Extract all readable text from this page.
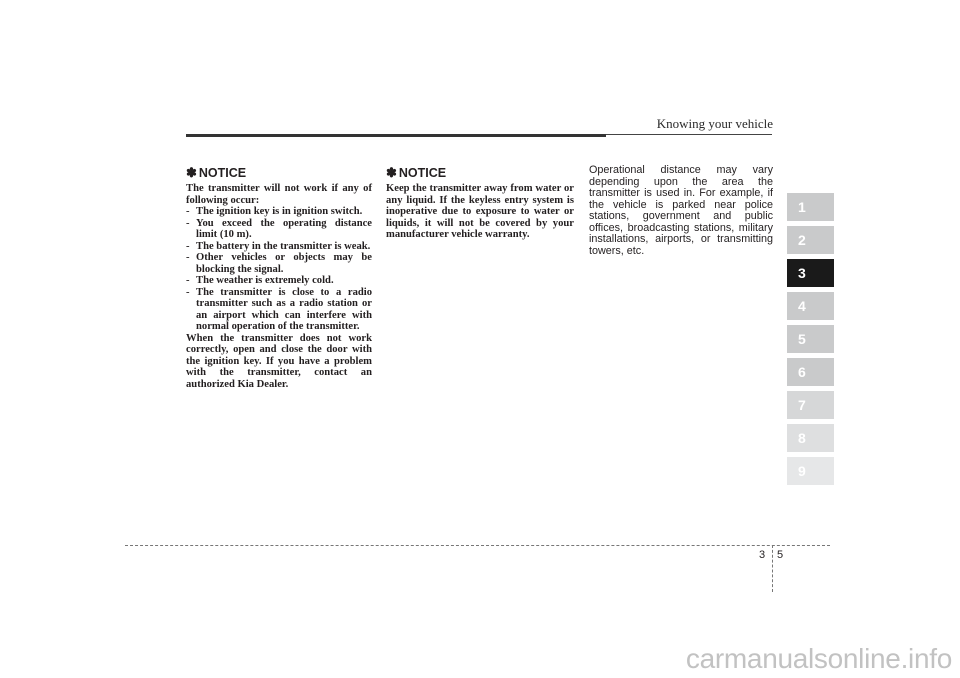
Knowing your vehicle
✽ NOTICE

The transmitter will not work if any of following occur:

- The ignition key is in ignition switch.
- You exceed the operating distance limit (10 m).
- The battery in the transmitter is weak.
- Other vehicles or objects may be blocking the signal.
- The weather is extremely cold.
- The transmitter is close to a radio transmitter such as a radio station or an airport which can interfere with normal operation of the transmitter.

When the transmitter does not work correctly, open and close the door with the ignition key. If you have a problem with the transmitter, contact an authorized Kia Dealer.

✽ NOTICE

Keep the transmitter away from water or any liquid. If the keyless entry system is inoperative due to exposure to water or liquids, it will not be covered by your manufacturer vehicle warranty.

Operational distance may vary depending upon the area the transmitter is used in. For example, if the vehicle is parked near police stations, government and public offices, broadcasting stations, military installations, airports, or transmitting towers, etc.

1
2
3
4
5
6
7
8
9
3 5
carmanualsonline.info
